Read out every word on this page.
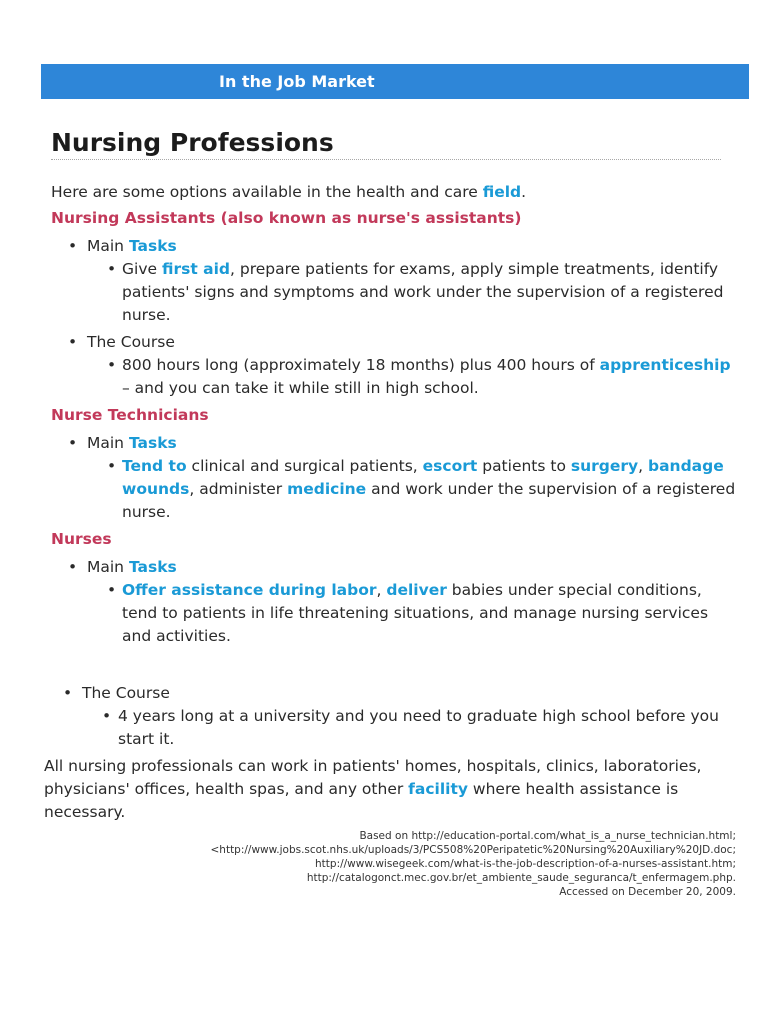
In the Job Market
Nursing Professions

Here are some options available in the health and care field.

Nursing Assistants (also known as nurse's assistants)

• Main Tasks
• Give first aid, prepare patients for exams, apply simple treatments, identify patients' signs and symptoms and work under the supervision of a registered nurse.
• The Course
• 800 hours long (approximately 18 months) plus 400 hours of apprenticeship – and you can take it while still in high school.

Nurse Technicians

• Main Tasks
• Tend to clinical and surgical patients, escort patients to surgery, bandage wounds, administer medicine and work under the supervision of a registered nurse.

Nurses

• Main Tasks
• Offer assistance during labor, deliver babies under special conditions, tend to patients in life threatening situations, and manage nursing services and activities.
• The Course
• 4 years long at a university and you need to graduate high school before you start it.

All nursing professionals can work in patients' homes, hospitals, clinics, laboratories, physicians' offices, health spas, and any other facility where health assistance is necessary.

Based on http://education-portal.com/what_is_a_nurse_technician.html;
<http://www.jobs.scot.nhs.uk/uploads/3/PCS508%20Peripatetic%20Nursing%20Auxiliary%20JD.doc;
http://www.wisegeek.com/what-is-the-job-description-of-a-nurses-assistant.htm;
http://catalogonct.mec.gov.br/et_ambiente_saude_seguranca/t_enfermagem.php.
Accessed on December 20, 2009.
